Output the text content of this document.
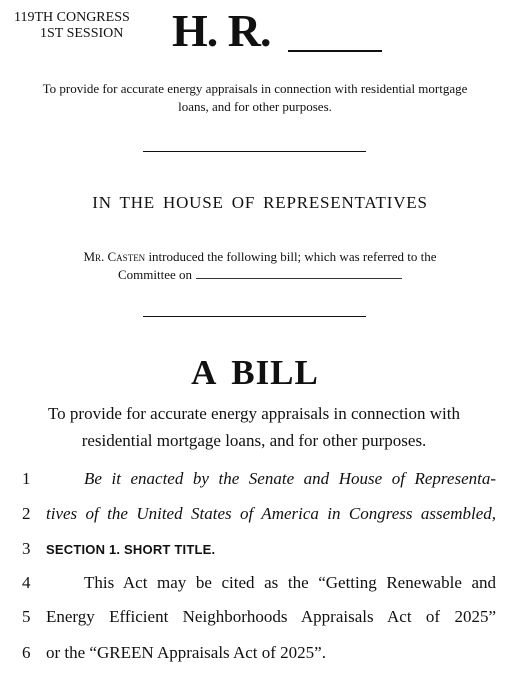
119TH CONGRESS
1ST SESSION H. R.
To provide for accurate energy appraisals in connection with residential mortgage loans, and for other purposes.
IN THE HOUSE OF REPRESENTATIVES
Mr. Casten introduced the following bill; which was referred to the
Committee on
A BILL
To provide for accurate energy appraisals in connection with residential mortgage loans, and for other purposes.
1	Be it enacted by the Senate and House of Representa-
2 tives of the United States of America in Congress assembled,
3	SECTION 1. SHORT TITLE.
4	This Act may be cited as the “Getting Renewable and
5 Energy Efficient Neighborhoods Appraisals Act of 2025”
6 or the “GREEN Appraisals Act of 2025”.
